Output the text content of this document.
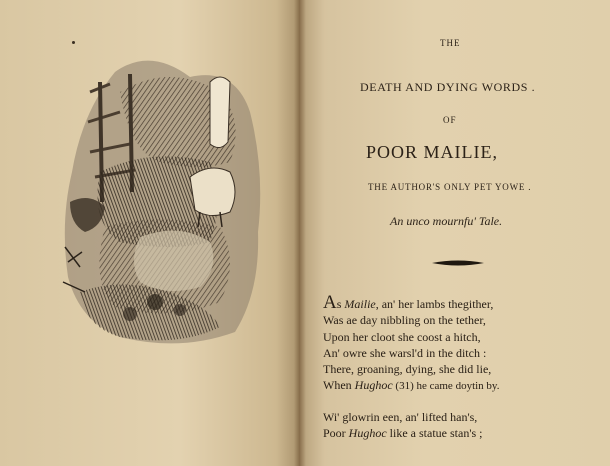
THE
DEATH AND DYING WORDS .
OF
POOR MAILIE,
THE AUTHOR'S ONLY PET YOWE .
An unco mournfu' Tale.
As Mailie, an' her lambs thegither,
Was ae day nibbling on the tether,
Upon her cloot she coost a hitch,
An' owre she warsl'd in the ditch :
There, groaning, dying, she did lie,
When Hughoc (31) he came doytin by.
Wi' glowrin een, an' lifted han's,
Poor Hughoc like a statue stan's ;
